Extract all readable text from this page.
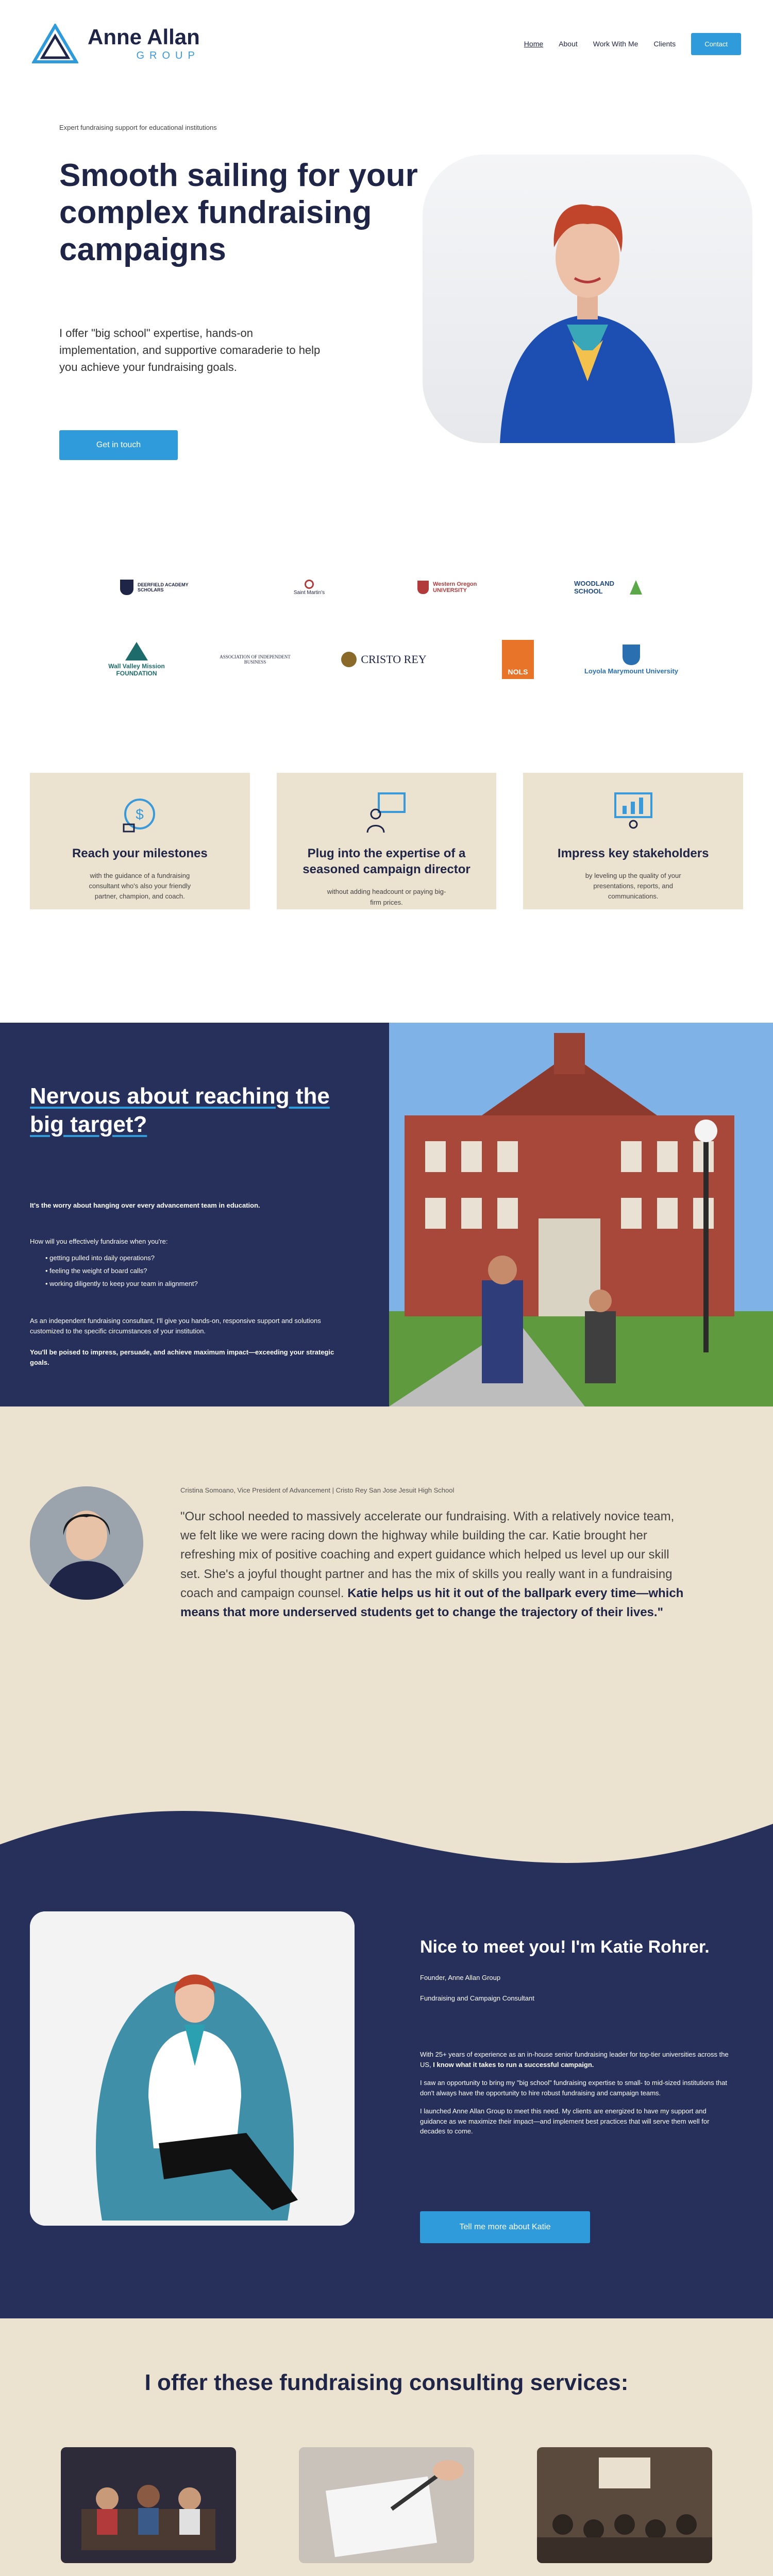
Anne Allan
GROUP
Home About Work With Me Clients	Contact
Expert fundraising support for educational institutions
Smooth sailing for your complex fundraising campaigns

I offer "big school" expertise, hands-on implementation, and supportive comaraderie to help you achieve your fundraising goals.

Get in touch
DEERFIELD ACADEMY SCHOLARS	Saint Martin's
Western Oregon UNIVERSITY
WOODLAND SCHOOL
Wall Valley Mission FOUNDATION
ASSOCIATION OF INDEPENDENT BUSINESS	CRISTO REY
NOLS	Loyola Marymount University
$
Reach your milestones

with the guidance of a fundraising consultant who's also your friendly partner, champion, and coach.

Plug into the expertise of a seasoned campaign director

without adding headcount or paying big-firm prices.

Impress key stakeholders

by leveling up the quality of your presentations, reports, and communications.

Nervous about reaching the big target?
It's the worry about hanging over every advancement team in education.
How will you effectively fundraise when you're:
• getting pulled into daily operations?
• feeling the weight of board calls?
• working diligently to keep your team in alignment?
As an independent fundraising consultant, I'll give you hands-on, responsive support and solutions customized to the specific circumstances of your institution.
You'll be poised to impress, persuade, and achieve maximum impact—exceeding your strategic goals.
Cristina Somoano, Vice President of Advancement | Cristo Rey San Jose Jesuit High School
"Our school needed to massively accelerate our fundraising. With a relatively novice team, we felt like we were racing down the highway while building the car. Katie brought her refreshing mix of positive coaching and expert guidance which helped us level up our skill set. She's a joyful thought partner and has the mix of skills you really want in a fundraising coach and campaign counsel. Katie helps us hit it out of the ballpark every time—which means that more underserved students get to change the trajectory of their lives."
Nice to meet you! I'm Katie Rohrer.
Founder, Anne Allan Group
Fundraising and Campaign Consultant

With 25+ years of experience as an in-house senior fundraising leader for top-tier universities across the US, I know what it takes to run a successful campaign.

I saw an opportunity to bring my "big school" fundraising expertise to small- to mid-sized institutions that don't always have the opportunity to hire robust fundraising and campaign teams.

I launched Anne Allan Group to meet this need. My clients are energized to have my support and guidance as we maximize their impact—and implement best practices that will serve them well for decades to come.

Tell me more about Katie
I offer these fundraising consulting services:
